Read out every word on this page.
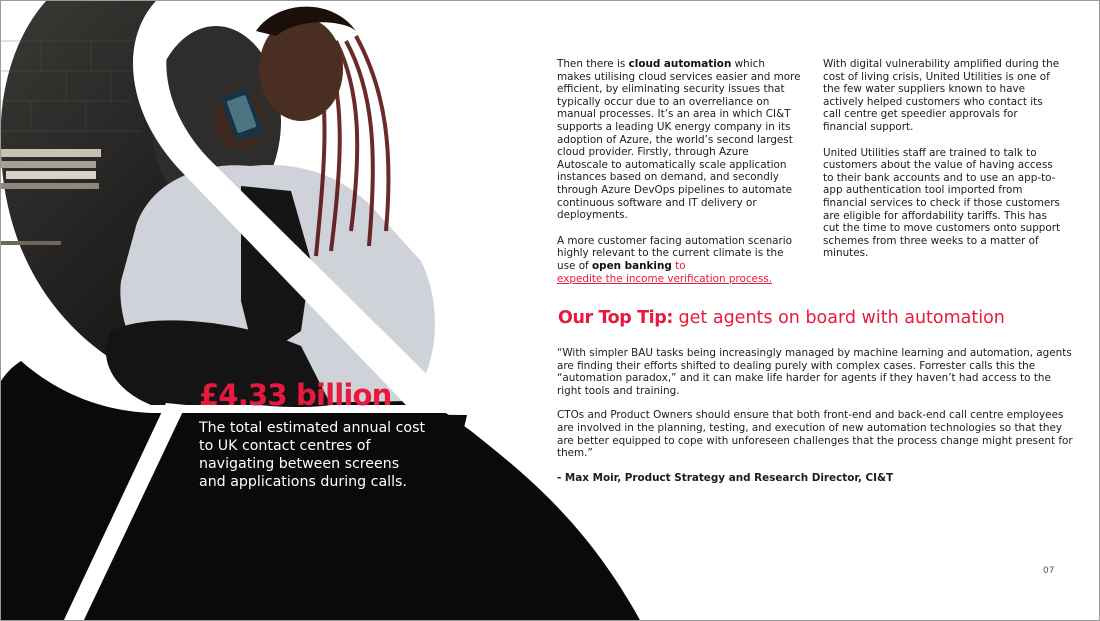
£4.33 billion
The total estimated annual cost to UK contact centres of navigating between screens and applications during calls.

Then there is cloud automation which makes utilising cloud services easier and more efficient, by eliminating security issues that typically occur due to an overreliance on manual processes. It’s an area in which CI&T supports a leading UK energy company in its adoption of Azure, the world’s second largest cloud provider. Firstly, through Azure Autoscale to automatically scale application instances based on demand, and secondly through Azure DevOps pipelines to automate continuous software and IT delivery or deployments.

A more customer facing automation scenario highly relevant to the current climate is the use of open banking to
expedite the income verification process.

With digital vulnerability amplified during the cost of living crisis, United Utilities is one of the few water suppliers known to have actively helped customers who contact its call centre get speedier approvals for financial support.

United Utilities staff are trained to talk to customers about the value of having access to their bank accounts and to use an app-to-app authentication tool imported from financial services to check if those customers are eligible for affordability tariffs. This has cut the time to move customers onto support schemes from three weeks to a matter of minutes.

Our Top Tip: get agents on board with automation

“With simpler BAU tasks being increasingly managed by machine learning and automation, agents are finding their efforts shifted to dealing purely with complex cases. Forrester calls this the “automation paradox,” and it can make life harder for agents if they haven’t had access to the right tools and training.

CTOs and Product Owners should ensure that both front-end and back-end call centre employees are involved in the planning, testing, and execution of new automation technologies so that they are better equipped to cope with unforeseen challenges that the process change might present for them.”

- Max Moir, Product Strategy and Research Director, CI&T

07
